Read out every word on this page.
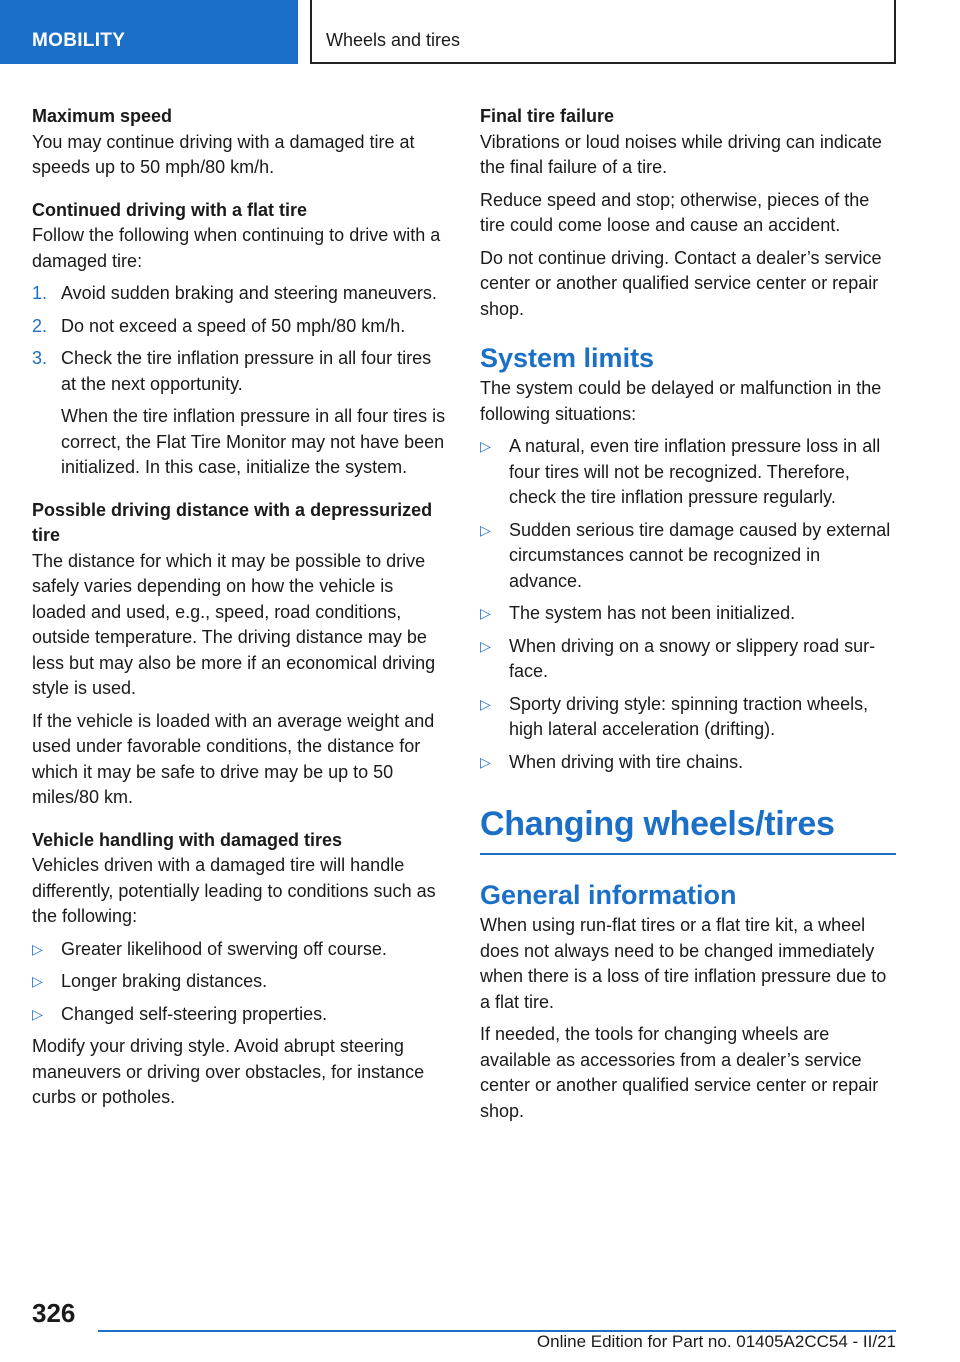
MOBILITY	Wheels and tires

Maximum speed

You may continue driving with a damaged tire at speeds up to 50 mph/80 km/h.

Continued driving with a flat tire

Follow the following when continuing to drive with a damaged tire:

1. Avoid sudden braking and steering maneuvers.
2. Do not exceed a speed of 50 mph/80 km/h.
3. Check the tire inflation pressure in all four tires at the next opportunity.

When the tire inflation pressure in all four tires is correct, the Flat Tire Monitor may not have been initialized. In this case, initialize the system.

Possible driving distance with a depressurized tire

The distance for which it may be possible to drive safely varies depending on how the vehicle is loaded and used, e.g., speed, road conditions, outside temperature. The driving distance may be less but may also be more if an economical driving style is used.

If the vehicle is loaded with an average weight and used under favorable conditions, the distance for which it may be safe to drive may be up to 50 miles/80 km.

Vehicle handling with damaged tires

Vehicles driven with a damaged tire will handle differently, potentially leading to conditions such as the following:

▷ Greater likelihood of swerving off course.
▷ Longer braking distances.
▷ Changed self-steering properties.

Modify your driving style. Avoid abrupt steering maneuvers or driving over obstacles, for instance curbs or potholes.

Final tire failure

Vibrations or loud noises while driving can indicate the final failure of a tire.

Reduce speed and stop; otherwise, pieces of the tire could come loose and cause an accident.

Do not continue driving. Contact a dealer’s service center or another qualified service center or repair shop.

System limits

The system could be delayed or malfunction in the following situations:

▷ A natural, even tire inflation pressure loss in all four tires will not be recognized. Therefore, check the tire inflation pressure regularly.
▷ Sudden serious tire damage caused by external circumstances cannot be recognized in advance.
▷ The system has not been initialized.
▷ When driving on a snowy or slippery road surface.
▷ Sporty driving style: spinning traction wheels, high lateral acceleration (drifting).
▷ When driving with tire chains.
Changing wheels/tires
General information

When using run-flat tires or a flat tire kit, a wheel does not always need to be changed immediately when there is a loss of tire inflation pressure due to a flat tire.

If needed, the tools for changing wheels are available as accessories from a dealer’s service center or another qualified service center or repair shop.

326
Online Edition for Part no. 01405A2CC54 - II/21
